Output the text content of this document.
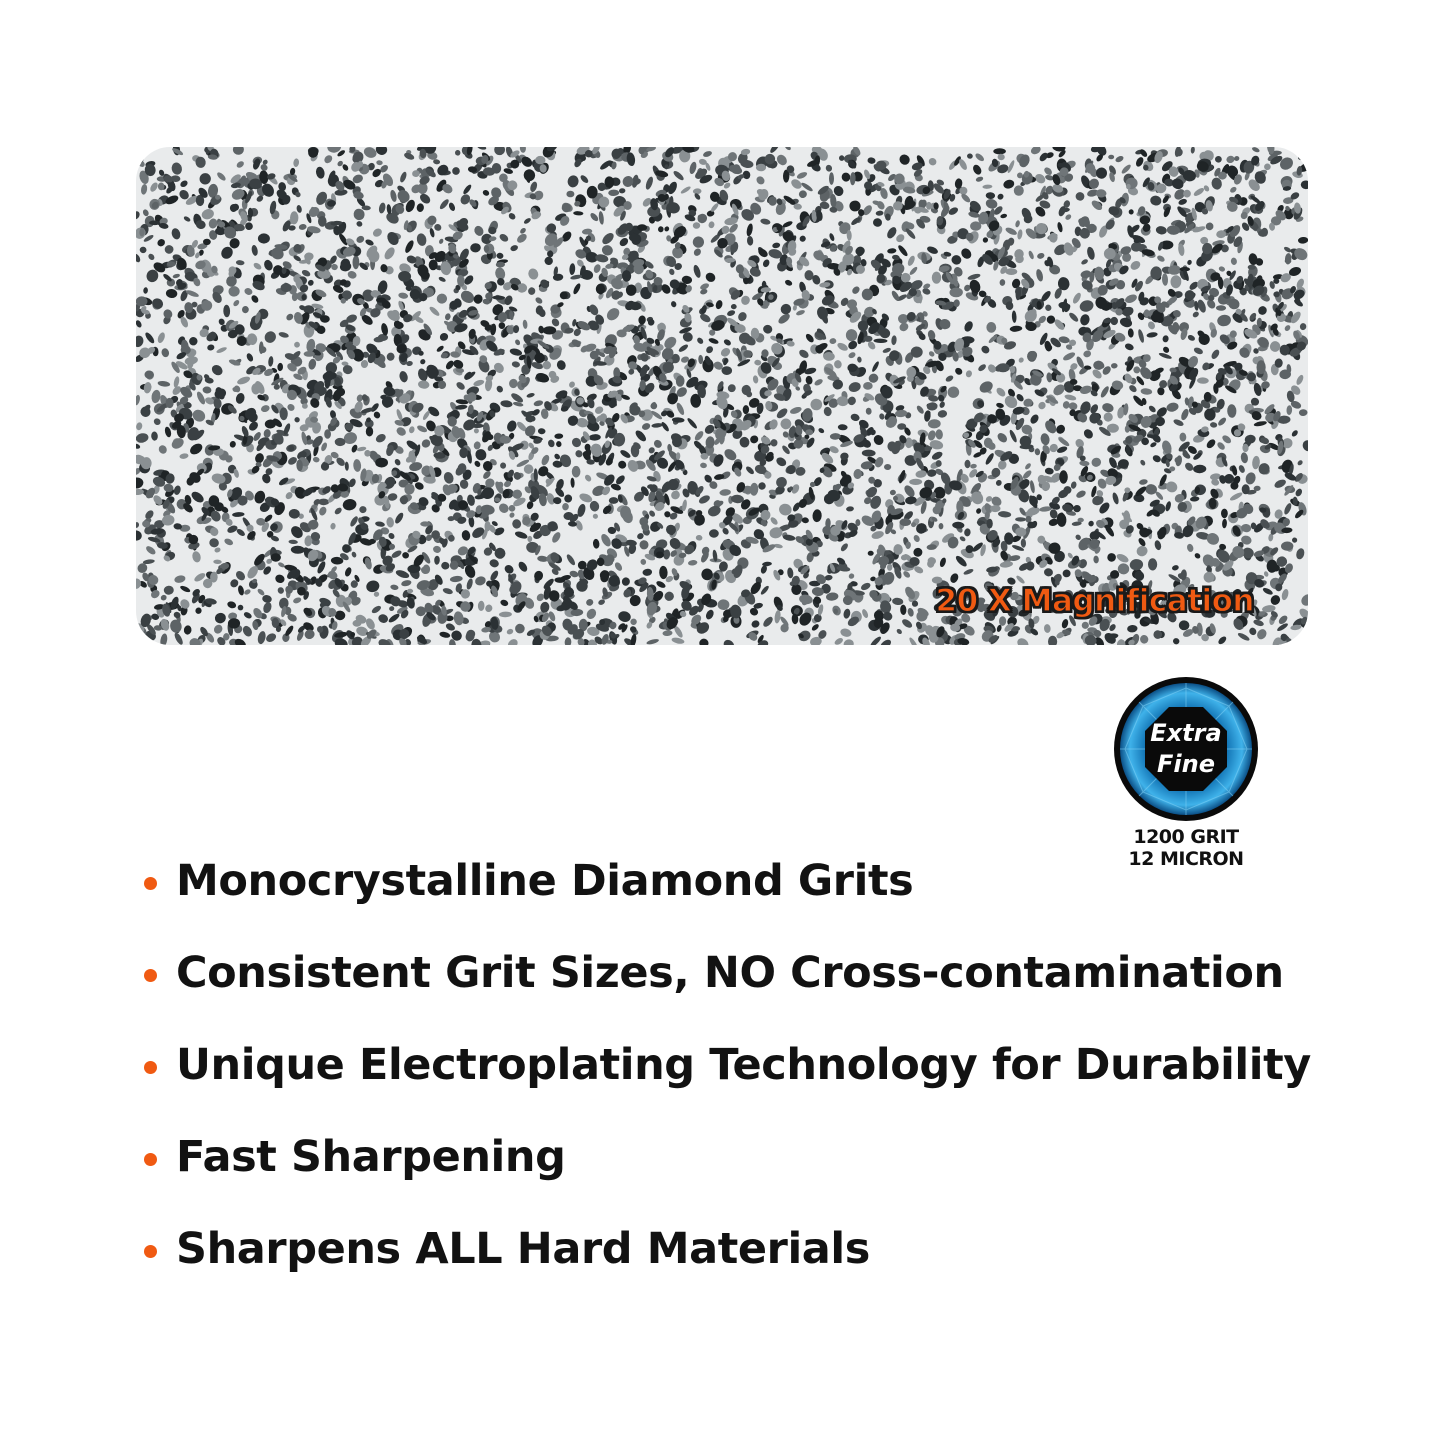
20 X Magnification
Extra
Fine
1200 GRIT
12 MICRON
Monocrystalline Diamond Grits
Consistent Grit Sizes, NO Cross-contamination
Unique Electroplating Technology for Durability
Fast Sharpening
Sharpens ALL Hard Materials
